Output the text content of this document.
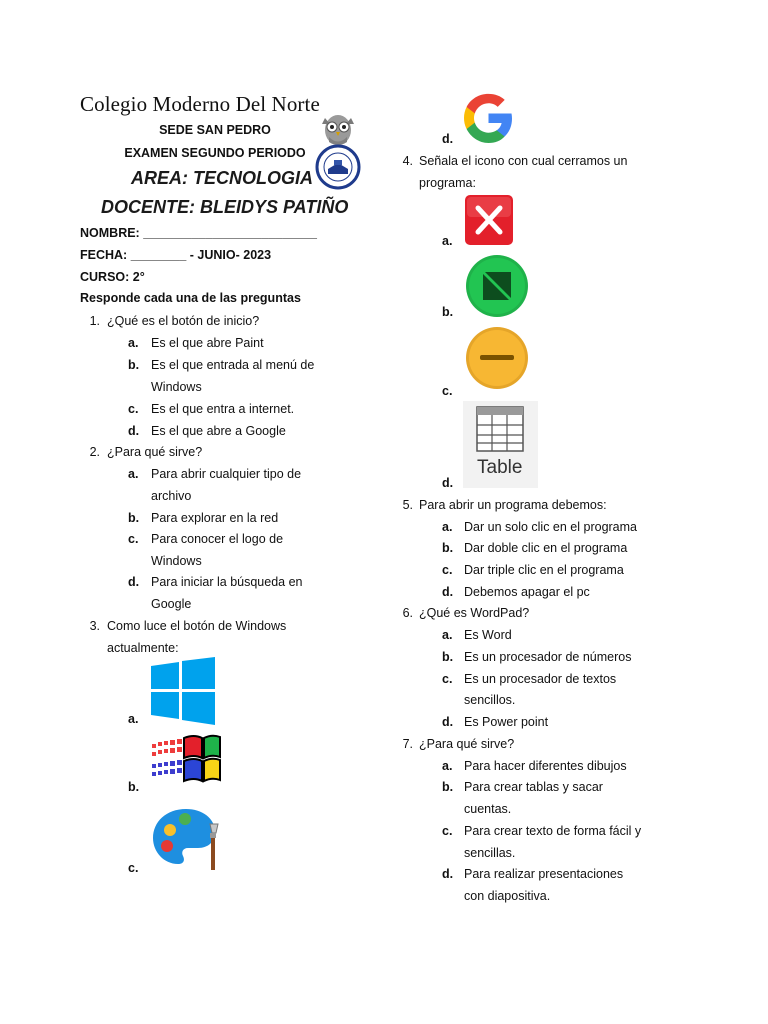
Colegio Moderno Del Norte
SEDE SAN PEDRO
EXAMEN SEGUNDO PERIODO
AREA: TECNOLOGIA
DOCENTE: BLEIDYS PATIÑO
NOMBRE: _________________________
FECHA: ________ - JUNIO- 2023
CURSO: 2°
Responde cada una de las preguntas
1. ¿Qué es el botón de inicio?
a.	Es el que abre Paint
b. Es el que entrada al menú de
Windows
c.	Es el que entra a internet.
d. Es el que abre a Google
2. ¿Para qué sirve?
a.	Para abrir cualquier tipo de
archivo
b. Para explorar en la red
c.	Para conocer el logo de
Windows
d. Para iniciar la búsqueda en
Google
3. Como luce el botón de Windows
actualmente:
a.
b.
c.
d.
4. Señala el icono con cual cerramos un
programa:
a.
b.
c.
d.
Table
5. Para abrir un programa debemos:
a. Dar un solo clic en el programa
b. Dar doble clic en el programa
c. Dar triple clic en el programa
d. Debemos apagar el pc
6. ¿Qué es WordPad?
a. Es Word
b. Es un procesador de números
c. Es un procesador de textos
sencillos.
d. Es Power point
7. ¿Para qué sirve?
a. Para hacer diferentes dibujos
b. Para crear tablas y sacar
cuentas.
c. Para crear texto de forma fácil y
sencillas.
d. Para realizar presentaciones
con diapositiva.
